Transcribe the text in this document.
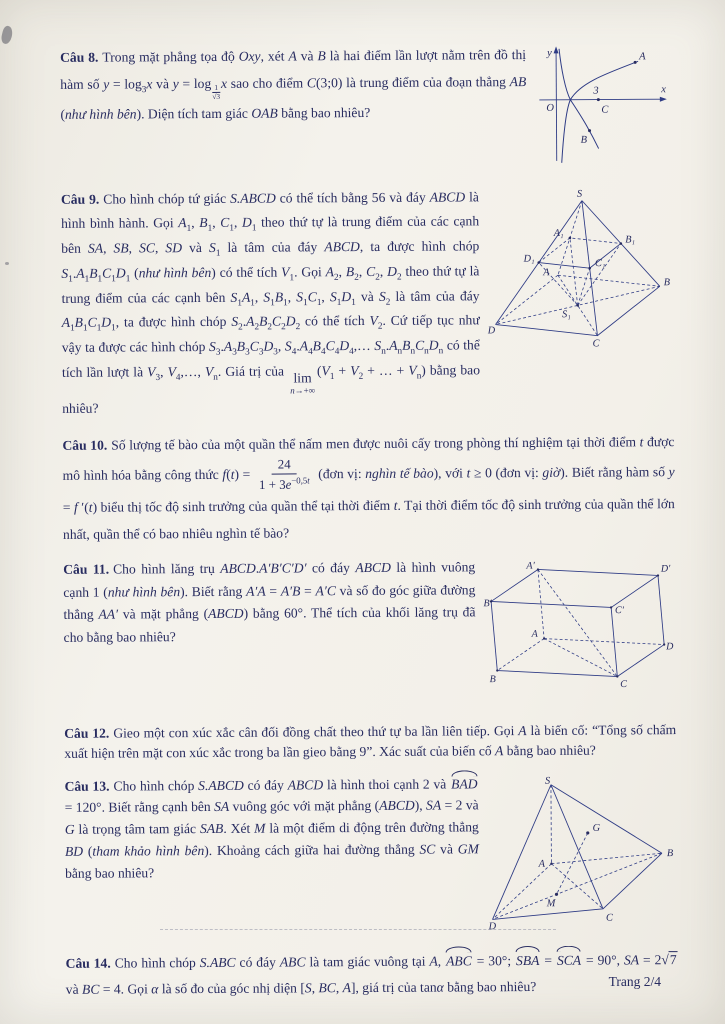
Câu 8. Trong mặt phẳng tọa độ Oxy, xét A và B là hai điểm lần lượt nằm trên đồ thị hàm số $y = \log_3x$ và y = log
$_{\frac{1}{√3}}$
x sao cho điểm C(3;0) là trung điểm của đoạn thẳng AB (như hình bên). Diện tích tam giác OAB bằng bao nhiêu?
y
x
O
3
C
A
B
Câu 9. Cho hình chóp tứ giác S.ABCD có thể tích bằng 56 và đáy ABCD là hình bình hành. Gọi $A_1$, $B_1$, $C_1$, $D_1$ theo thứ tự là trung điểm của các cạnh bên SA, SB, SC, SD và $S_1$ là tâm của đáy ABCD, ta được hình chóp $S_1.A_1B_1C_1D_1$ (như hình bên) có thể tích $V_1$. Gọi $A_2$, $B_2$, $C_2$, $D_2$ theo thứ tự là trung điểm của các cạnh bên $S_1A_1$, $S_1B_1$, $S_1C_1$, $S_1D_1$ và $S_2$ là tâm của đáy $A_1B_1C_1D_1$, ta được hình chóp $S_2.A_2B_2C_2D_2$ có thể tích $V_2$. Cứ tiếp tục như vậy ta được các hình chóp $S_3.A_3B_3C_3D_3$, $S_4.A_4B_4C_4D_4,\dots$ $S_n.A_nB_nC_nD_n$ có thể tích lần lượt là $V_3$, $V_4,\dots$, $V_n$. Giá trị của lim
n→+∞
($V_1 + V_2$ + … + $V_n$) bằng bao nhiêu?
S
A₁
B₁
C₁
D₁
A
S₁
D
C
B
Câu 10. Số lượng tế bào của một quần thể nấm men được nuôi cấy trong phòng thí nghiệm tại thời điểm t được mô hình hóa bằng công thức $f(t) = \frac{24}{1 + 3e^{-0,5t}}$ (đơn vị: nghìn tế bào), với t ≥ 0 (đơn vị: giờ). Biết rằng hàm số y = f ′(t) biểu thị tốc độ sinh trưởng của quần thể tại thời điểm t. Tại thời điểm tốc độ sinh trưởng của quần thể lớn nhất, quần thể có bao nhiêu nghìn tế bào?
Câu 11. Cho hình lăng trụ ABCD.A′B′C′D′ có đáy ABCD là hình vuông cạnh 1 (như hình bên). Biết rằng A′A = A′B = A′C và số đo góc giữa đường thẳng AA′ và mặt phẳng (ABCD) bằng 60°. Thể tích của khối lăng trụ đã cho bằng bao nhiêu?
A′
B′
C′
D′
A
B	C
D
Câu 12. Gieo một con xúc xắc cân đối đồng chất theo thứ tự ba lần liên tiếp. Gọi A là biến cố: “Tổng số chấm xuất hiện trên mặt con xúc xắc trong ba lần gieo bằng 9”. Xác suất của biến cố A bằng bao nhiêu?
Câu 13. Cho hình chóp S.ABCD có đáy ABCD là hình thoi cạnh 2 và BAD = 120°. Biết rằng cạnh bên SA vuông góc với mặt phẳng (ABCD), SA = 2 và G là trọng tâm tam giác SAB. Xét M là một điểm di động trên đường thẳng BD (tham khảo hình bên). Khoảng cách giữa hai đường thẳng SC và GM bằng bao nhiêu?
S
B
C
D
A
G
M
Câu 14. Cho hình chóp S.ABC có đáy ABC là tam giác vuông tại A, ABC = 30°; SBA = SCA = 90°, SA = 2√7 và BC = 4. Gọi α là số đo của góc nhị diện [S, BC, A], giá trị của tanα bằng bao nhiêu?	Trang 2/4
